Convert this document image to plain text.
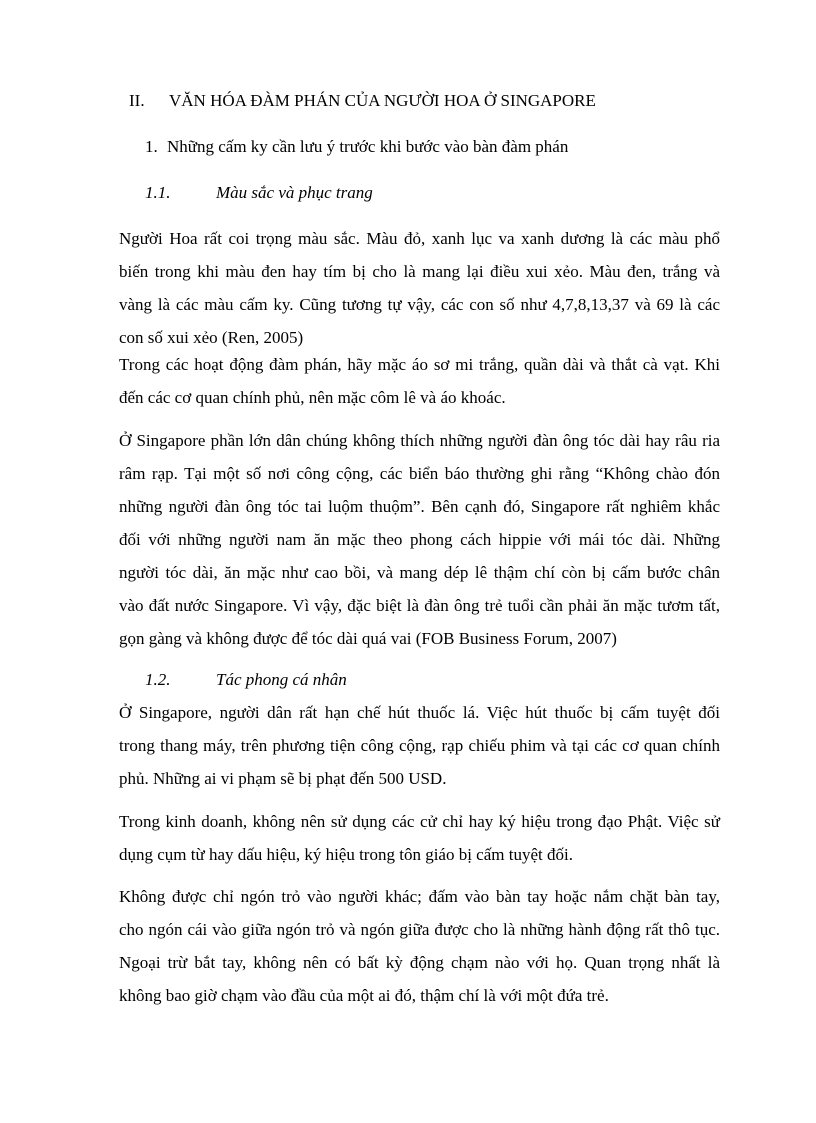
II. VĂN HÓA ĐÀM PHÁN CỦA NGƯỜI HOA Ở SINGAPORE
1. Những cấm ky cần lưu ý trước khi bước vào bàn đàm phán
1.1.	Màu sắc và phục trang
Người Hoa rất coi trọng màu sắc. Màu đỏ, xanh lục va xanh dương là các màu phổ
biến trong khi màu đen hay tím bị cho là mang lại điều xui xẻo. Màu đen, trắng và
vàng là các màu cấm ky. Cũng tương tự vậy, các con số như 4,7,8,13,37 và 69 là các
con số xui xẻo (Ren, 2005)
Trong các hoạt động đàm phán, hãy mặc áo sơ mi trắng, quần dài và thắt cà vạt. Khi
đến các cơ quan chính phủ, nên mặc côm lê và áo khoác.
Ở Singapore phần lớn dân chúng không thích những người đàn ông tóc dài hay râu ria
râm rạp. Tại một số nơi công cộng, các biển báo thường ghi rằng “Không chào đón
những người đàn ông tóc tai luộm thuộm”. Bên cạnh đó, Singapore rất nghiêm khắc
đối với những người nam ăn mặc theo phong cách hippie với mái tóc dài. Những
người tóc dài, ăn mặc như cao bồi, và mang dép lê thậm chí còn bị cấm bước chân
vào đất nước Singapore. Vì vậy, đặc biệt là đàn ông trẻ tuổi cần phải ăn mặc tươm tất,
gọn gàng và không được để tóc dài quá vai (FOB Business Forum, 2007)
1.2.	Tác phong cá nhân
Ở Singapore, người dân rất hạn chế hút thuốc lá. Việc hút thuốc bị cấm tuyệt đối
trong thang máy, trên phương tiện công cộng, rạp chiếu phim và tại các cơ quan chính
phủ. Những ai vi phạm sẽ bị phạt đến 500 USD.
Trong kinh doanh, không nên sử dụng các cử chỉ hay ký hiệu trong đạo Phật. Việc sử
dụng cụm từ hay dấu hiệu, ký hiệu trong tôn giáo bị cấm tuyệt đối.
Không được chỉ ngón trỏ vào người khác; đấm vào bàn tay hoặc nắm chặt bàn tay,
cho ngón cái vào giữa ngón trỏ và ngón giữa được cho là những hành động rất thô tục.
Ngoại trừ bắt tay, không nên có bất kỳ động chạm nào với họ. Quan trọng nhất là
không bao giờ chạm vào đầu của một ai đó, thậm chí là với một đứa trẻ.
